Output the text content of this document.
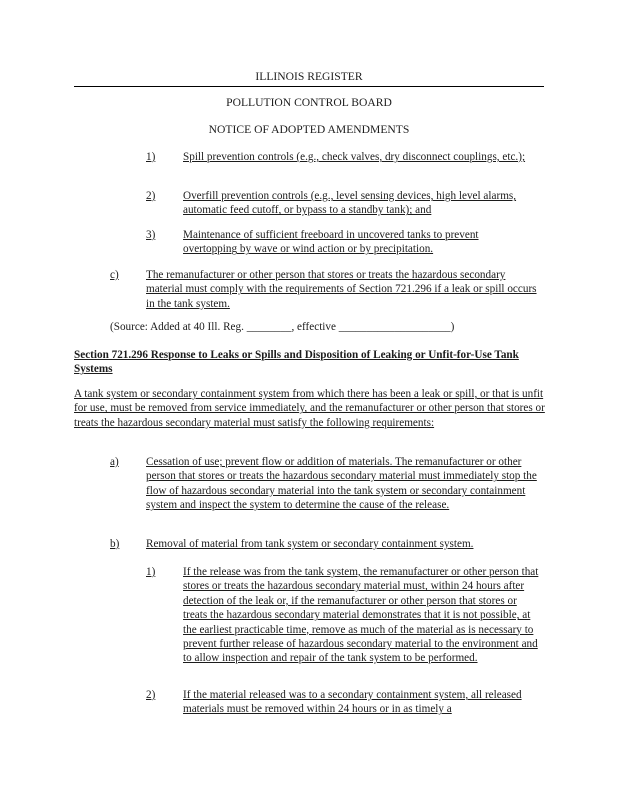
ILLINOIS REGISTER
POLLUTION CONTROL BOARD
NOTICE OF ADOPTED AMENDMENTS
1) Spill prevention controls (e.g., check valves, dry disconnect couplings, etc.);
2) Overfill prevention controls (e.g., level sensing devices, high level alarms, automatic feed cutoff, or bypass to a standby tank); and
3) Maintenance of sufficient freeboard in uncovered tanks to prevent overtopping by wave or wind action or by precipitation.
c) The remanufacturer or other person that stores or treats the hazardous secondary material must comply with the requirements of Section 721.296 if a leak or spill occurs in the tank system.
(Source: Added at 40 Ill. Reg. ________, effective ____________________)
Section 721.296 Response to Leaks or Spills and Disposition of Leaking or Unfit-for-Use Tank Systems
A tank system or secondary containment system from which there has been a leak or spill, or that is unfit for use, must be removed from service immediately, and the remanufacturer or other person that stores or treats the hazardous secondary material must satisfy the following requirements:
a) Cessation of use; prevent flow or addition of materials. The remanufacturer or other person that stores or treats the hazardous secondary material must immediately stop the flow of hazardous secondary material into the tank system or secondary containment system and inspect the system to determine the cause of the release.
b) Removal of material from tank system or secondary containment system.
1) If the release was from the tank system, the remanufacturer or other person that stores or treats the hazardous secondary material must, within 24 hours after detection of the leak or, if the remanufacturer or other person that stores or treats the hazardous secondary material demonstrates that it is not possible, at the earliest practicable time, remove as much of the material as is necessary to prevent further release of hazardous secondary material to the environment and to allow inspection and repair of the tank system to be performed.
2) If the material released was to a secondary containment system, all released materials must be removed within 24 hours or in as timely a
